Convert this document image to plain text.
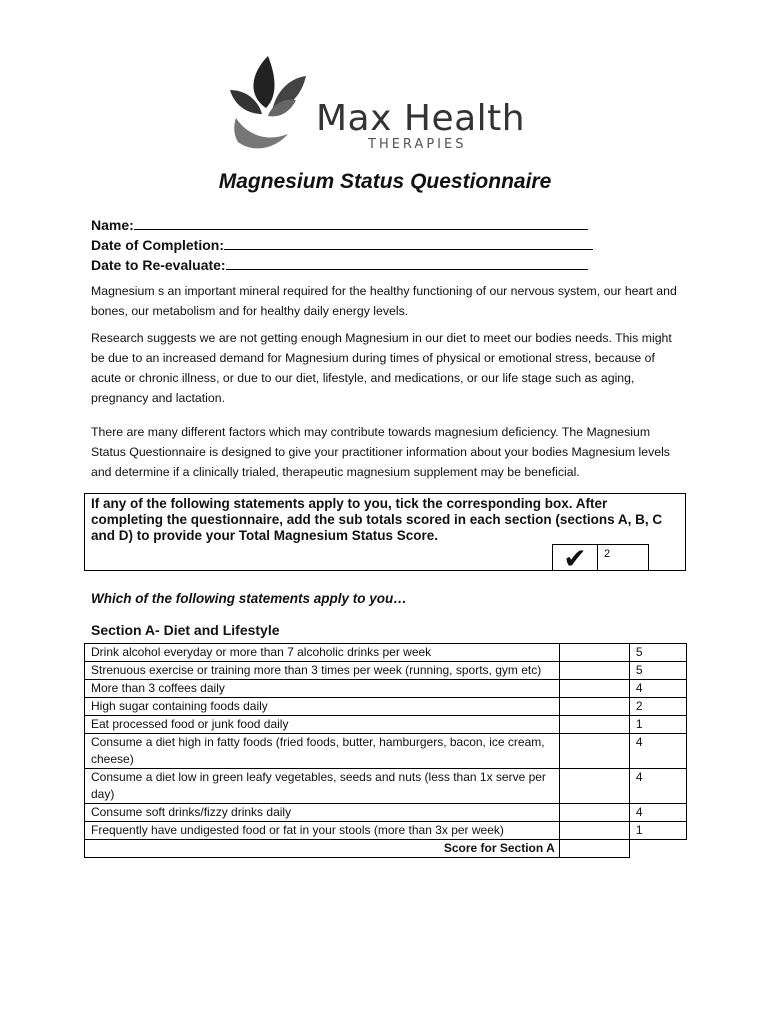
Max Health
THERAPIES
Magnesium Status Questionnaire
Name:
Date of Completion:
Date to Re-evaluate:
Magnesium s an important mineral required for the healthy functioning of our nervous system, our heart and bones, our metabolism and for healthy daily energy levels.
Research suggests we are not getting enough Magnesium in our diet to meet our bodies needs. This might be due to an increased demand for Magnesium during times of physical or emotional stress, because of acute or chronic illness, or due to our diet, lifestyle, and medications, or our life stage such as aging, pregnancy and lactation.
There are many different factors which may contribute towards magnesium deficiency. The Magnesium Status Questionnaire is designed to give your practitioner information about your bodies Magnesium levels and determine if a clinically trialed, therapeutic magnesium supplement may be beneficial.
If any of the following statements apply to you, tick the corresponding box. After completing the questionnaire, add the sub totals scored in each section (sections A, B, C and D) to provide your Total Magnesium Status Score.
✔	2
Which of the following statements apply to you…
Section A- Diet and Lifestyle
Drink alcohol everyday or more than 7 alcoholic drinks per week		5
Strenuous exercise or training more than 3 times per week (running, sports, gym etc)		5
More than 3 coffees daily		4
High sugar containing foods daily		2
Eat processed food or junk food daily		1
Consume a diet high in fatty foods (fried foods, butter, hamburgers, bacon, ice cream, cheese)		4
Consume a diet low in green leafy vegetables, seeds and nuts (less than 1x serve per day)		4
Consume soft drinks/fizzy drinks daily		4
Frequently have undigested food or fat in your stools (more than 3x per week)		1
Score for Section A		
